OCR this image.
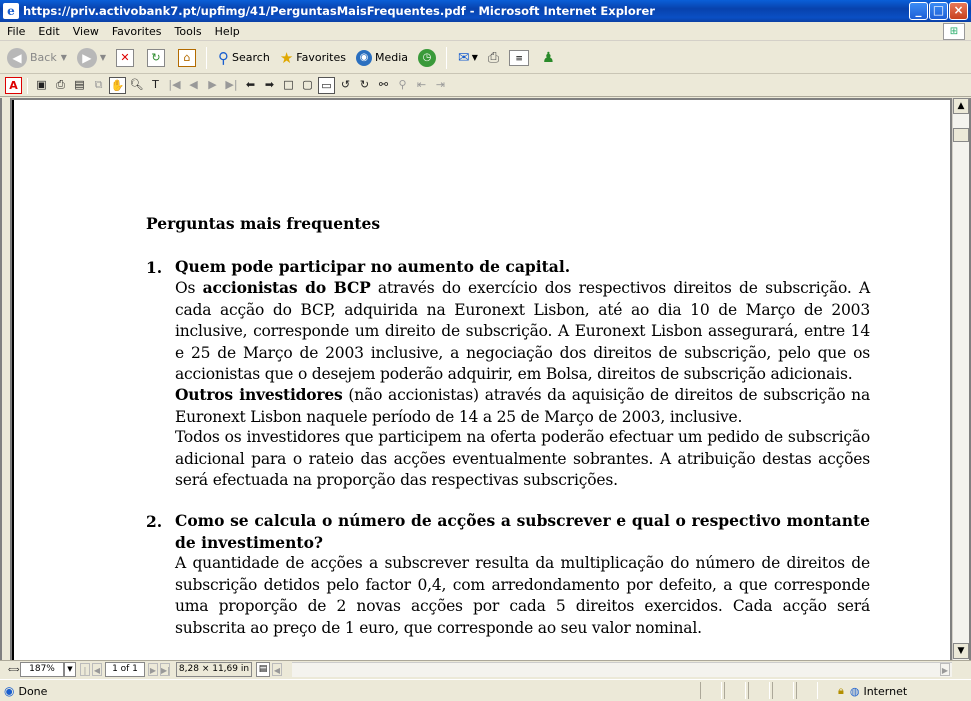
e https://priv.activobank7.pt/upfimg/41/PerguntasMaisFrequentes.pdf - Microsoft Internet Explorer	_ □ ×
File	Edit	View	Favorites	Tools	Help	⊞
◀ Back ▼	▶	▼	✕	↻	⌂	⚲ Search ★ Favorites	◉ Media	◷	✉ ▼ ⎙	≡	♟
A	▣ ⎙ ▤ ⧉ ✋ 🔍︎ T |◀ ◀ ▶ ▶| ⬅ ➡ □ ▢ ▭ ↺ ↻ ⚯ ⚲ ⇤ ⇥
Perguntas mais frequentes
1. Quem pode participar no aumento de capital.
Os accionistas do BCP através do exercício dos respectivos direitos de subscrição. A cada acção do BCP, adquirida na Euronext Lisbon, até ao dia 10 de Março de 2003 inclusive, corresponde um direito de subscrição. A Euronext Lisbon assegurará, entre 14 e 25 de Março de 2003 inclusive, a negociação dos direitos de subscrição, pelo que os accionistas que o desejem poderão adquirir, em Bolsa, direitos de subscrição adicionais.
Outros investidores (não accionistas) através da aquisição de direitos de subscrição na Euronext Lisbon naquele período de 14 a 25 de Março de 2003, inclusive.
Todos os investidores que participem na oferta poderão efectuar um pedido de subscrição adicional para o rateio das acções eventualmente sobrantes. A atribuição destas acções será efectuada na proporção das respectivas subscrições.
2. Como se calcula o número de acções a subscrever e qual o respectivo montante de investimento?
A quantidade de acções a subscrever resulta da multiplicação do número de direitos de subscrição detidos pelo factor 0,4, com arredondamento por defeito, a que corresponde uma proporção de 2 novas acções por cada 5 direitos exercidos. Cada acção será subscrita ao preço de 1 euro, que corresponde ao seu valor nominal.
▲
▼
⟺	187%	▼	| ◀	1 of 1	▶ ▶|	8,28 × 11,69 in	▤ ◀	▶
◉ Done	🔒︎ ◍ Internet
